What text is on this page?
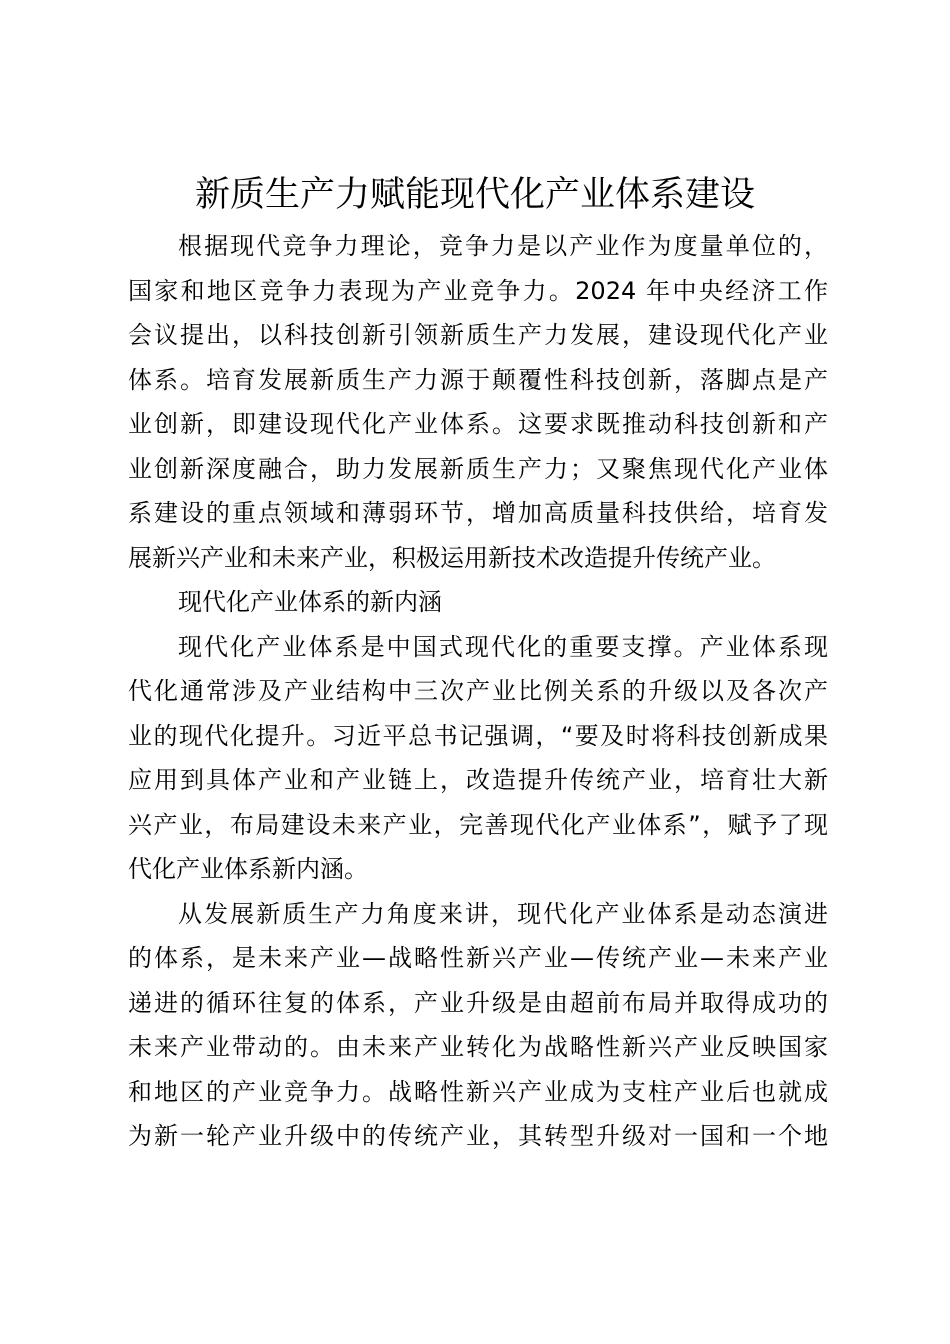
新质生产力赋能现代化产业体系建设

根据现代竞争力理论，竞争力是以产业作为度量单位的，
国家和地区竞争力表现为产业竞争力。2024 年中央经济工作
会议提出，以科技创新引领新质生产力发展，建设现代化产业
体系。培育发展新质生产力源于颠覆性科技创新，落脚点是产
业创新，即建设现代化产业体系。这要求既推动科技创新和产
业创新深度融合，助力发展新质生产力；又聚焦现代化产业体
系建设的重点领域和薄弱环节，增加高质量科技供给，培育发
展新兴产业和未来产业，积极运用新技术改造提升传统产业。

现代化产业体系的新内涵

现代化产业体系是中国式现代化的重要支撑。产业体系现
代化通常涉及产业结构中三次产业比例关系的升级以及各次产
业的现代化提升。习近平总书记强调，“要及时将科技创新成果
应用到具体产业和产业链上，改造提升传统产业，培育壮大新
兴产业，布局建设未来产业，完善现代化产业体系”，赋予了现
代化产业体系新内涵。

从发展新质生产力角度来讲，现代化产业体系是动态演进
的体系，是未来产业—战略性新兴产业—传统产业—未来产业
递进的循环往复的体系，产业升级是由超前布局并取得成功的
未来产业带动的。由未来产业转化为战略性新兴产业反映国家
和地区的产业竞争力。战略性新兴产业成为支柱产业后也就成
为新一轮产业升级中的传统产业，其转型升级对一国和一个地
